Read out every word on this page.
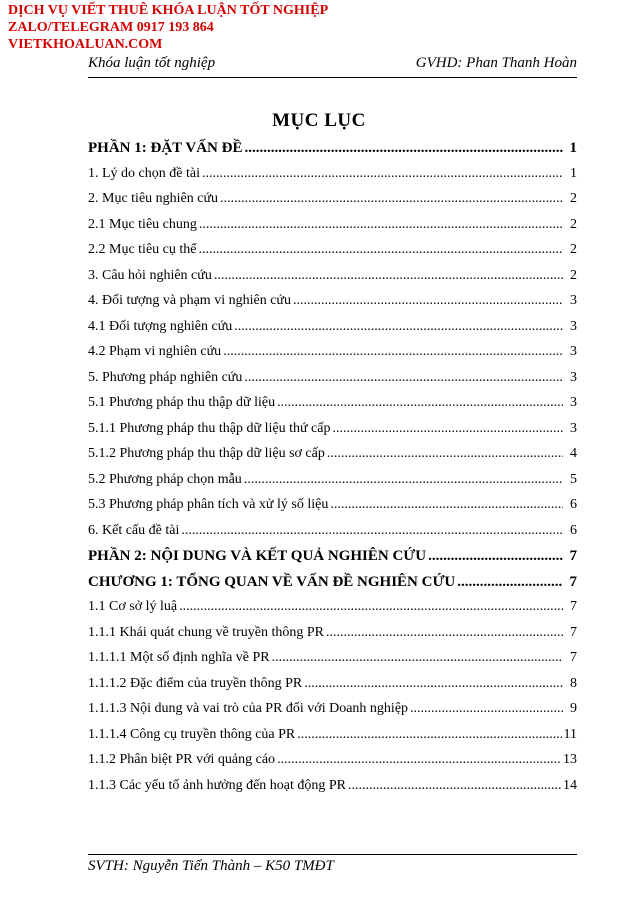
DỊCH VỤ VIẾT THUÊ KHÓA LUẬN TỐT NGHIỆP
ZALO/TELEGRAM 0917 193 864
VIETKHOALUAN.COM
Khóa luận tốt nghiệp	GVHD: Phan Thanh Hoàn
MỤC LỤC
PHẦN 1: ĐẶT VẤN ĐỀ .....	1
1. Lý do chọn đề tài .....	1
2. Mục tiêu nghiên cứu .....	2
2.1 Mục tiêu chung .....	2
2.2 Mục tiêu cụ thể .....	2
3. Câu hỏi nghiên cứu .....	2
4. Đối tượng và phạm vi nghiên cứu .....	3
4.1 Đối tượng nghiên cứu .....	3
4.2 Phạm vi nghiên cứu .....	3
5. Phương pháp nghiên cứu .....	3
5.1 Phương pháp thu thập dữ liệu .....	3
5.1.1 Phương pháp thu thập dữ liệu thứ cấp .....	3
5.1.2 Phương pháp thu thập dữ liệu sơ cấp .....	4
5.2 Phương pháp chọn mẫu .....	5
5.3 Phương pháp phân tích và xử lý số liệu .....	6
6. Kết cấu đề tài .....	6
PHẦN 2: NỘI DUNG VÀ KẾT QUẢ NGHIÊN CỨU .....	7
CHƯƠNG 1: TỔNG QUAN VỀ VẤN ĐỀ NGHIÊN CỨU .....	7
1.1 Cơ sở lý luậ .....	7
1.1.1 Khái quát chung về truyền thông PR .....	7
1.1.1.1 Một số định nghĩa về PR .....	7
1.1.1.2 Đặc điểm của truyền thông PR .....	8
1.1.1.3 Nội dung và vai trò của PR đối với Doanh nghiệp .....	9
1.1.1.4 Công cụ truyền thông của PR .....	11
1.1.2 Phân biệt PR với quảng cáo .....	13
1.1.3 Các yếu tố ảnh hưởng đến hoạt động PR .....	14
SVTH: Nguyễn Tiến Thành – K50 TMĐT
